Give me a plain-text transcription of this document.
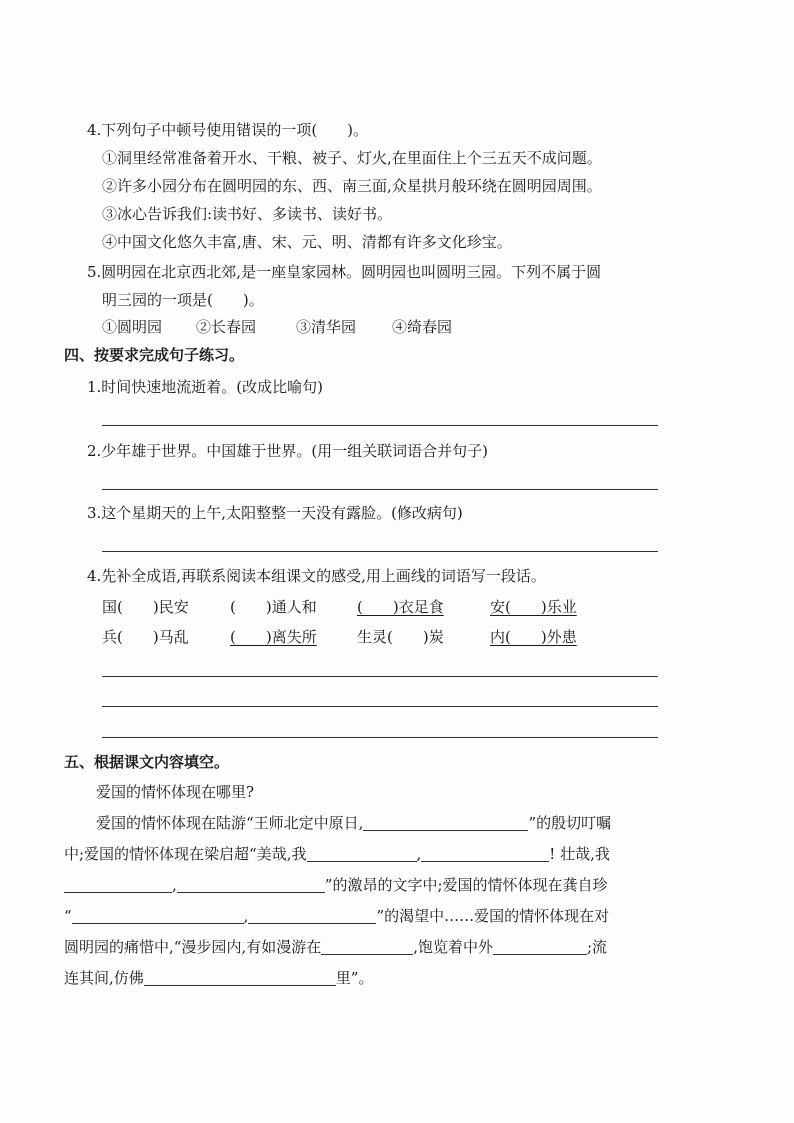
4.下列句子中顿号使用错误的一项(　　)。
①洞里经常准备着开水、干粮、被子、灯火,在里面住上个三五天不成问题。
②许多小园分布在圆明园的东、西、南三面,众星拱月般环绕在圆明园周围。
③冰心告诉我们:读书好、多读书、读好书。
④中国文化悠久丰富,唐、宋、元、明、清都有许多文化珍宝。
5.圆明园在北京西北郊,是一座皇家园林。圆明园也叫圆明三园。下列不属于圆
明三园的一项是(　　)。
①圆明园 ②长春园	③清华园 ④绮春园
四、按要求完成句子练习。
1.时间快速地流逝着。(改成比喻句)
2.少年雄于世界。中国雄于世界。(用一组关联词语合并句子)
3.这个星期天的上午,太阳整整一天没有露脸。(修改病句)
4.先补全成语,再联系阅读本组课文的感受,用上画线的词语写一段话。
国(　　)民安	(　　)通人和	(　　)衣足食	安(　　)乐业
兵(　　)马乱	(　　)离失所	生灵(　　)炭	内(　　)外患
五、根据课文内容填空。
爱国的情怀体现在哪里?
爱国的情怀体现在陆游“王师北定中原日,	”的殷切叮嘱
中;爱国的情怀体现在梁启超“美哉,我	,	! 壮哉,我
,	”的激昂的文字中;爱国的情怀体现在龚自珍
“	,	”的渴望中……爱国的情怀体现在对
圆明园的痛惜中,“漫步园内,有如漫游在	,饱览着中外	;流
连其间,仿佛	里”。
